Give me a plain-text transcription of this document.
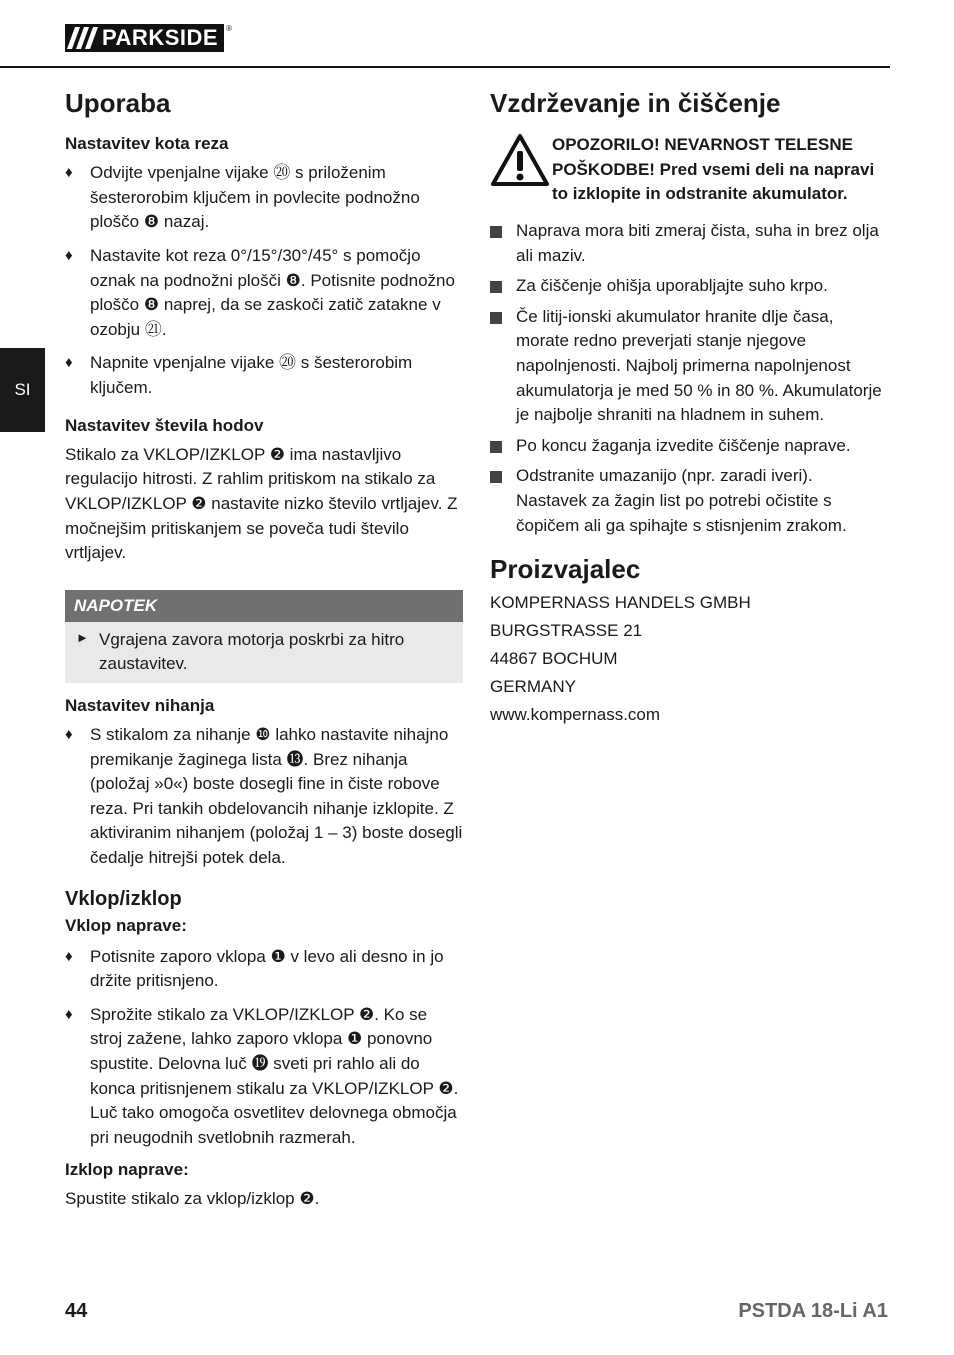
PARKSIDE	®
SI
Uporaba
Nastavitev kota reza
♦ Odvijte vpenjalne vijake ⑳ s priloženim šesterorobim ključem in povlecite podnožno ploščo ❽ nazaj.
♦ Nastavite kot reza 0°/15°/30°/45° s pomočjo oznak na podnožni plošči ❽. Potisnite podnožno ploščo ❽ naprej, da se zaskoči zatič zatakne v ozobju ㉑.
♦ Napnite vpenjalne vijake ⑳ s šesterorobim ključem.
Nastavitev števila hodov

Stikalo za VKLOP/IZKLOP ❷ ima nastavljivo regulacijo hitrosti. Z rahlim pritiskom na stikalo za VKLOP/IZKLOP ❷ nastavite nizko število vrtljajev. Z močnejšim pritiskanjem se poveča tudi število vrtljajev.

NAPOTEK

► Vgrajena zavora motorja poskrbi za hitro zaustavitev.

Nastavitev nihanja
♦ S stikalom za nihanje ❿ lahko nastavite nihajno premikanje žaginega lista ⓭. Brez nihanja (položaj »0«) boste dosegli fine in čiste robove reza. Pri tankih obdelovancih nihanje izklopite. Z aktiviranim nihanjem (položaj 1 – 3) boste dosegli čedalje hitrejši potek dela.
Vklop/izklop
Vklop naprave:
♦ Potisnite zaporo vklopa ❶ v levo ali desno in jo držite pritisnjeno.
♦ Sprožite stikalo za VKLOP/IZKLOP ❷. Ko se stroj zažene, lahko zaporo vklopa ❶ ponovno spustite. Delovna luč ⓳ sveti pri rahlo ali do konca pritisnjenem stikalu za VKLOP/IZKLOP ❷. Luč tako omogoča osvetlitev delovnega območja pri neugodnih svetlobnih razmerah.
Izklop naprave:

Spustite stikalo za vklop/izklop ❷.

Vzdrževanje in čiščenje
OPOZORILO! NEVARNOST TELESNE POŠKODBE! Pred vsemi deli na napravi to izklopite in odstranite akumulator.
Naprava mora biti zmeraj čista, suha in brez olja ali maziv.
Za čiščenje ohišja uporabljajte suho krpo.
Če litij-ionski akumulator hranite dlje časa, morate redno preverjati stanje njegove napolnjenosti. Najbolj primerna napolnjenost akumulatorja je med 50 % in 80 %. Akumulatorje je najbolje shraniti na hladnem in suhem.
Po koncu žaganja izvedite čiščenje naprave.
Odstranite umazanijo (npr. zaradi iveri). Nastavek za žagin list po potrebi očistite s čopičem ali ga spihajte s stisnjenim zrakom.
Proizvajalec

KOMPERNASS HANDELS GMBH

BURGSTRASSE 21

44867 BOCHUM

GERMANY

www.kompernass.com

44	PSTDA 18-Li A1
